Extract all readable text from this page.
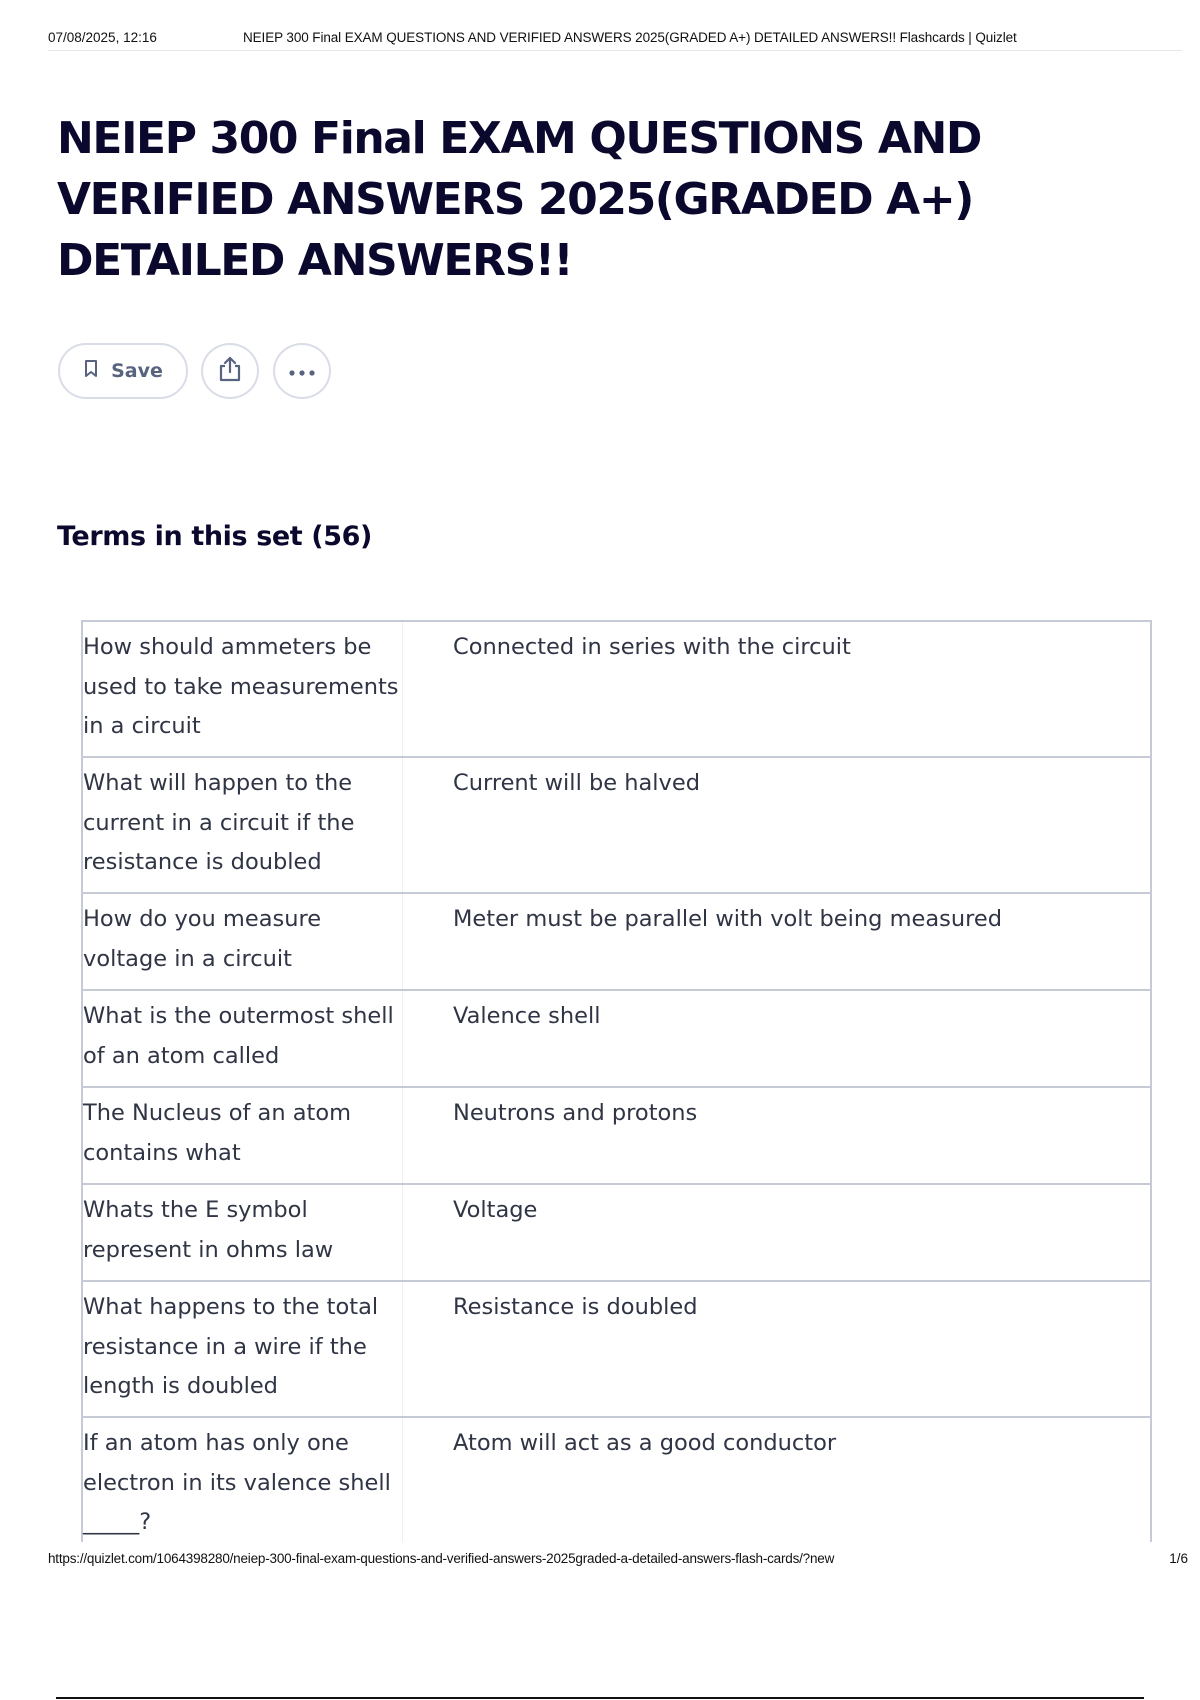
07/08/2025, 12:16	NEIEP 300 Final EXAM QUESTIONS AND VERIFIED ANSWERS 2025(GRADED A+) DETAILED ANSWERS!! Flashcards | Quizlet
NEIEP 300 Final EXAM QUESTIONS AND VERIFIED ANSWERS 2025(GRADED A+) DETAILED ANSWERS!!
Save
Terms in this set (56)
How should ammeters be used to take measurements in a circuit
Connected in series with the circuit
What will happen to the current in a circuit if the resistance is doubled
Current will be halved
How do you measure voltage in a circuit
Meter must be parallel with volt being measured
What is the outermost shell of an atom called
Valence shell
The Nucleus of an atom contains what
Neutrons and protons
Whats the E symbol represent in ohms law
Voltage
What happens to the total resistance in a wire if the length is doubled
Resistance is doubled
If an atom has only one electron in its valence shell _____?
Atom will act as a good conductor
https://quizlet.com/1064398280/neiep-300-final-exam-questions-and-verified-answers-2025graded-a-detailed-answers-flash-cards/?new	1/6
